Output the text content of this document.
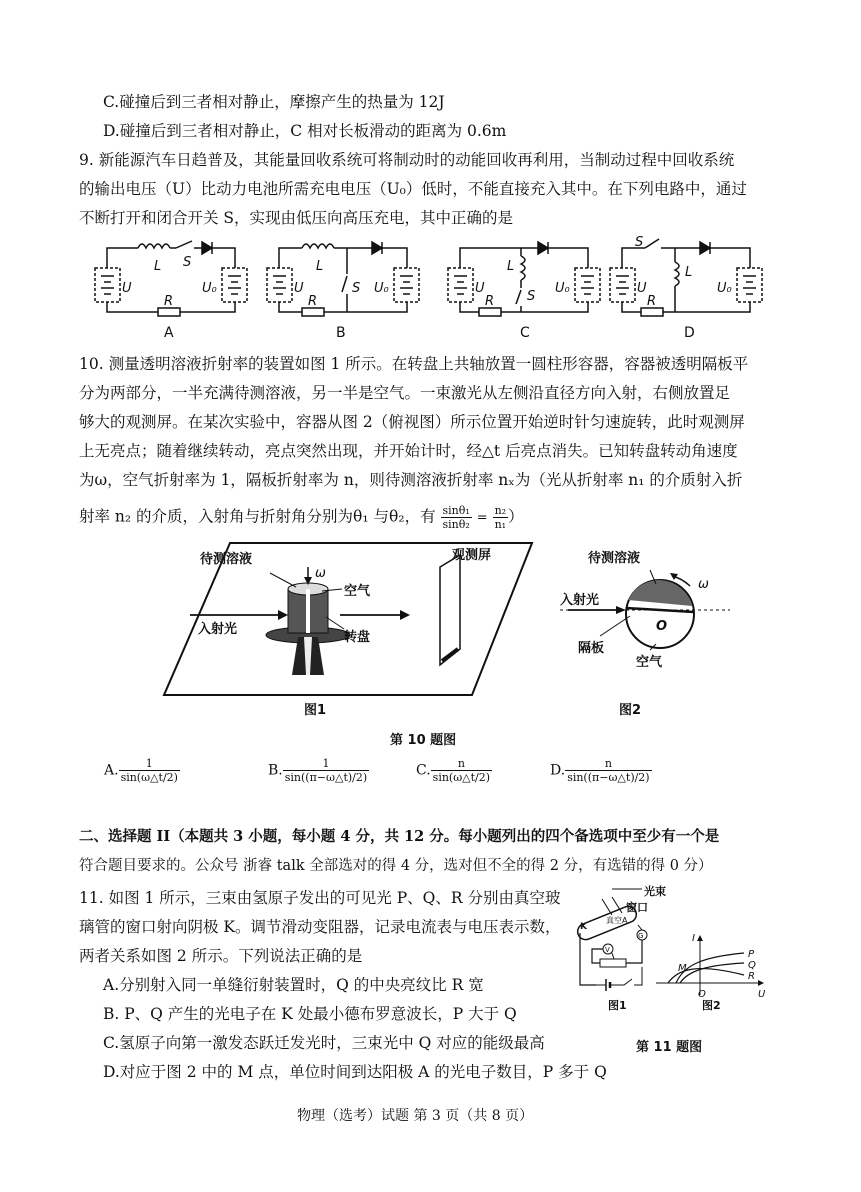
C.碰撞后到三者相对静止，摩擦产生的热量为 12J
D.碰撞后到三者相对静止，C 相对长板滑动的距离为 0.6m
9. 新能源汽车日趋普及，其能量回收系统可将制动时的动能回收再利用，当制动过程中回收系统
的输出电压（U）比动力电池所需充电电压（U₀）低时，不能直接充入其中。在下列电路中，通过
不断打开和闭合开关 S，实现由低压向高压充电，其中正确的是
U
L S
U₀
R
A
U
L
S U₀
R
B
U
L
S
U₀
R
C
U
L
S
U₀
R
D
10. 测量透明溶液折射率的装置如图 1 所示。在转盘上共轴放置一圆柱形容器，容器被透明隔板平
分为两部分，一半充满待测溶液，另一半是空气。一束激光从左侧沿直径方向入射，右侧放置足
够大的观测屏。在某次实验中，容器从图 2（俯视图）所示位置开始逆时针匀速旋转，此时观测屏
上无亮点；随着继续转动，亮点突然出现，并开始计时，经△t 后亮点消失。已知转盘转动角速度
为ω，空气折射率为 1，隔板折射率为 n，则待测溶液折射率 nₓ为（光从折射率 n₁ 的介质射入折
射率 n₂ 的介质，入射角与折射角分别为θ₁ 与θ₂，有 $\frac{\text{sinθ₁}}{\text{sinθ₂}} = \frac{\text{n₂}}{\text{n₁}}$ ）
待测溶液
ω
空气
入射光
转盘
观测屏
图1
待测溶液
ω
入射光
隔板
O
空气
图2
第 10 题图
A. $\frac{1}{\sin(\omega\triangle t/2)}$	B. $\frac{1}{\sin((\pi-\omega\triangle t)/2)}$	C. $\frac{n}{\sin(\omega\triangle t/2)}$	D. $\frac{n}{\sin((\pi-\omega\triangle t)/2)}$
二、选择题 II（本题共 3 小题，每小题 4 分，共 12 分。每小题列出的四个备选项中至少有一个是
符合题目要求的。公众号 浙睿 talk 全部选对的得 4 分，选对但不全的得 2 分，有选错的得 0 分）
11. 如图 1 所示，三束由氢原子发出的可见光 P、Q、R 分别由真空玻
璃管的窗口射向阴极 K。调节滑动变阻器，记录电流表与电压表示数，
两者关系如图 2 所示。下列说法正确的是
A.分别射入同一单缝衍射装置时，Q 的中央亮纹比 R 宽
B. P、Q 产生的光电子在 K 处最小德布罗意波长，P 大于 Q
C.氢原子向第一激发态跃迁发光时，三束光中 Q 对应的能级最高
D.对应于图 2 中的 M 点，单位时间到达阳极 A 的光电子数目，P 多于 Q
光束
窗口
K
真空A
V
G
图1
P
Q
R
M
I
U
O
图2
第 11 题图
物理（选考）试题 第 3 页（共 8 页）
